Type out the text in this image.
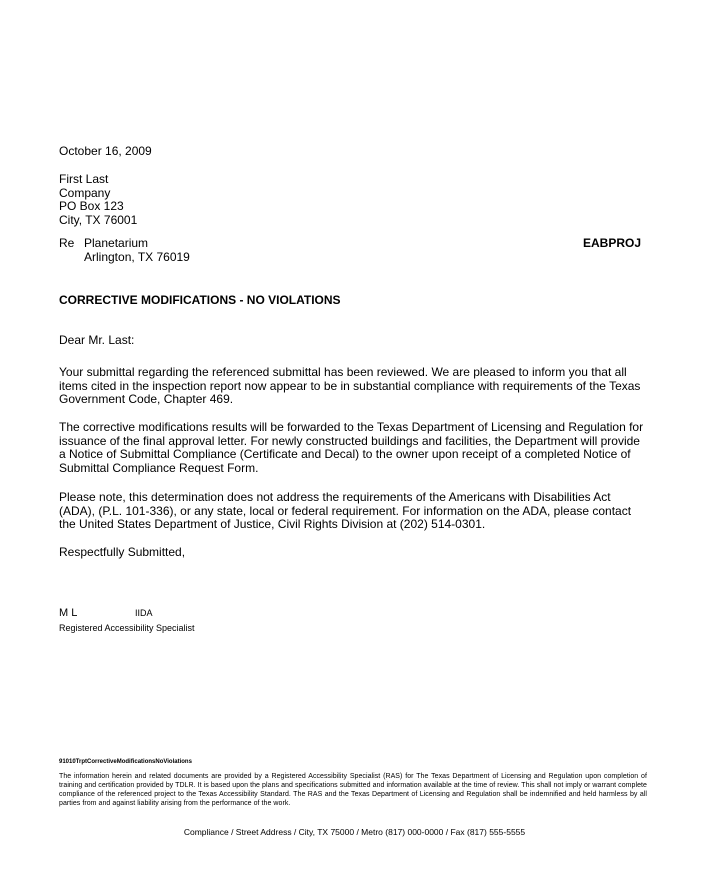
October 16, 2009
First Last
Company
PO Box 123
City, TX 76001
Re Planetarium
Arlington, TX 76019
EABPROJ
CORRECTIVE MODIFICATIONS - NO VIOLATIONS
Dear Mr. Last:
Your submittal regarding the referenced submittal has been reviewed. We are pleased to inform you that all items cited in the inspection report now appear to be in substantial compliance with requirements of the Texas Government Code, Chapter 469.
The corrective modifications results will be forwarded to the Texas Department of Licensing and Regulation for issuance of the final approval letter. For newly constructed buildings and facilities, the Department will provide a Notice of Submittal Compliance (Certificate and Decal) to the owner upon receipt of a completed Notice of Submittal Compliance Request Form.
Please note, this determination does not address the requirements of the Americans with Disabilities Act (ADA), (P.L. 101-336), or any state, local or federal requirement. For information on the ADA, please contact the United States Department of Justice, Civil Rights Division at (202) 514-0301.
Respectfully Submitted,
M L	IIDA
Registered Accessibility Specialist
91010TrptCorrectiveModificationsNoViolations
The information herein and related documents are provided by a Registered Accessibility Specialist (RAS) for The Texas Department of Licensing and Regulation upon completion of training and certification provided by TDLR. It is based upon the plans and specifications submitted and information available at the time of review. This shall not imply or warrant complete compliance of the referenced project to the Texas Accessibility Standard. The RAS and the Texas Department of Licensing and Regulation shall be indemnified and held harmless by all parties from and against liability arising from the performance of the work.
Compliance / Street Address / City, TX 75000 / Metro (817) 000-0000 / Fax (817) 555-5555
